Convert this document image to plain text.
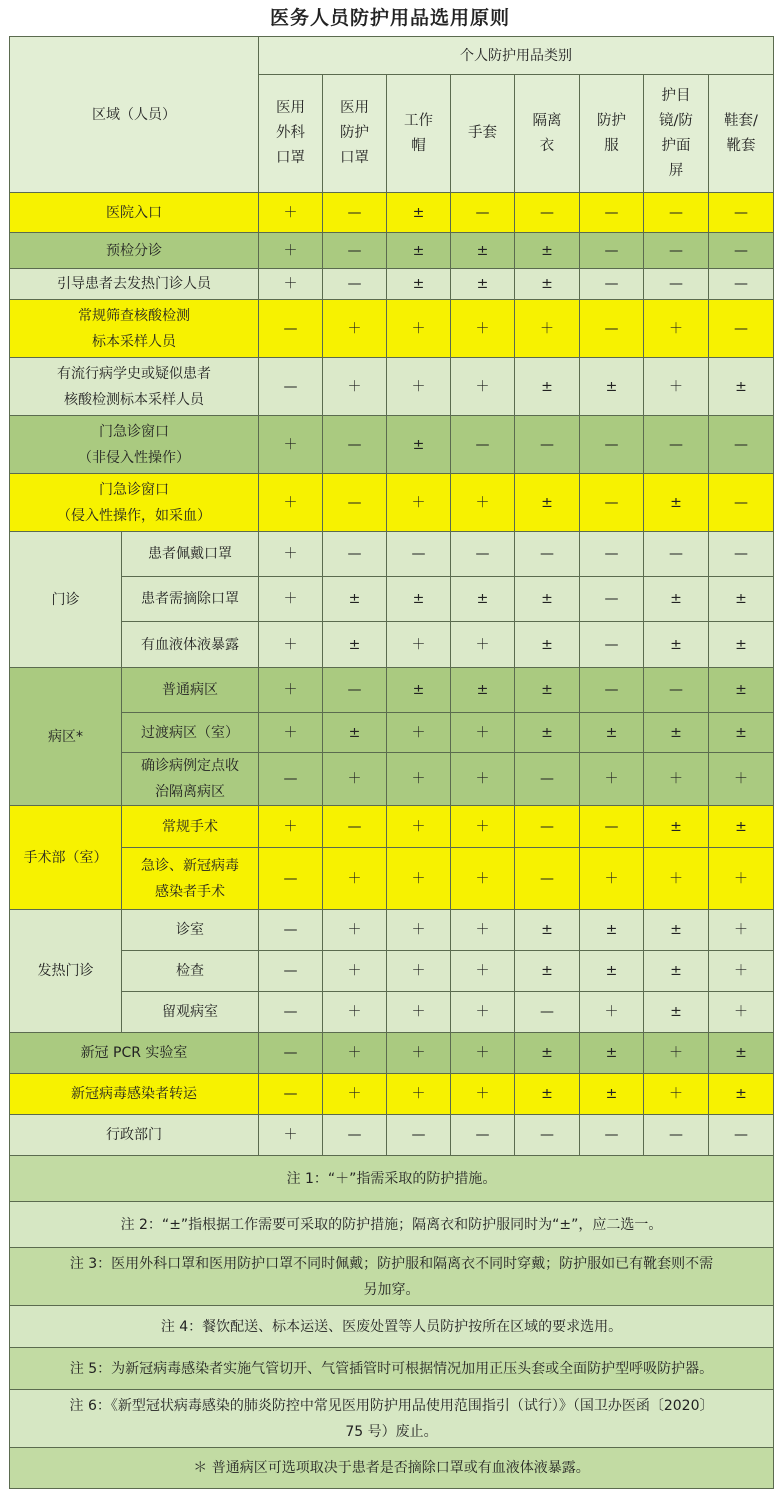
医务人员防护用品选用原则
区域（人员）		个人防护用品类别							
		医用
外科
口罩	医用
防护
口罩	工作
帽	手套	隔离
衣	防护
服	护目
镜/防
护面
屏	鞋套/
靴套
医院入口		＋	—	±	—	—	—	—	—
预检分诊		＋	—	±	±	±	—	—	—
引导患者去发热门诊人员		＋	—	±	±	±	—	—	—
常规筛查核酸检测
标本采样人员		—	＋	＋	＋	＋	—	＋	—
有流行病学史或疑似患者
核酸检测标本采样人员		—	＋	＋	＋	±	±	＋	±
门急诊窗口
（非侵入性操作）		＋	—	±	—	—	—	—	—
门急诊窗口
（侵入性操作，如采血）		＋	—	＋	＋	±	—	±	—
门诊	患者佩戴口罩	＋	—	—	—	—	—	—	—
	患者需摘除口罩	＋	±	±	±	±	—	±	±
	有血液体液暴露	＋	±	＋	＋	±	—	±	±
病区*	普通病区	＋	—	±	±	±	—	—	±
	过渡病区（室）	＋	±	＋	＋	±	±	±	±
	确诊病例定点收
治隔离病区	—	＋	＋	＋	—	＋	＋	＋
手术部（室）	常规手术	＋	—	＋	＋	—	—	±	±
	急诊、新冠病毒
感染者手术	—	＋	＋	＋	—	＋	＋	＋
发热门诊	诊室	—	＋	＋	＋	±	±	±	＋
	检查	—	＋	＋	＋	±	±	±	＋
	留观病室	—	＋	＋	＋	—	＋	±	＋
新冠 PCR 实验室		—	＋	＋	＋	±	±	＋	±
新冠病毒感染者转运		—	＋	＋	＋	±	±	＋	±
行政部门		＋	—	—	—	—	—	—	—
注 1：“＋”指需采取的防护措施。									
注 2：“±”指根据工作需要可采取的防护措施；隔离衣和防护服同时为“±”，应二选一。									
注 3：医用外科口罩和医用防护口罩不同时佩戴；防护服和隔离衣不同时穿戴；防护服如已有靴套则不需
另加穿。									
注 4：餐饮配送、标本运送、医废处置等人员防护按所在区域的要求选用。									
注 5：为新冠病毒感染者实施气管切开、气管插管时可根据情况加用正压头套或全面防护型呼吸防护器。									
注 6：《新型冠状病毒感染的肺炎防控中常见医用防护用品使用范围指引（试行）》（国卫办医函〔2020〕
75 号）废止。									
＊ 普通病区可选项取决于患者是否摘除口罩或有血液体液暴露。									
